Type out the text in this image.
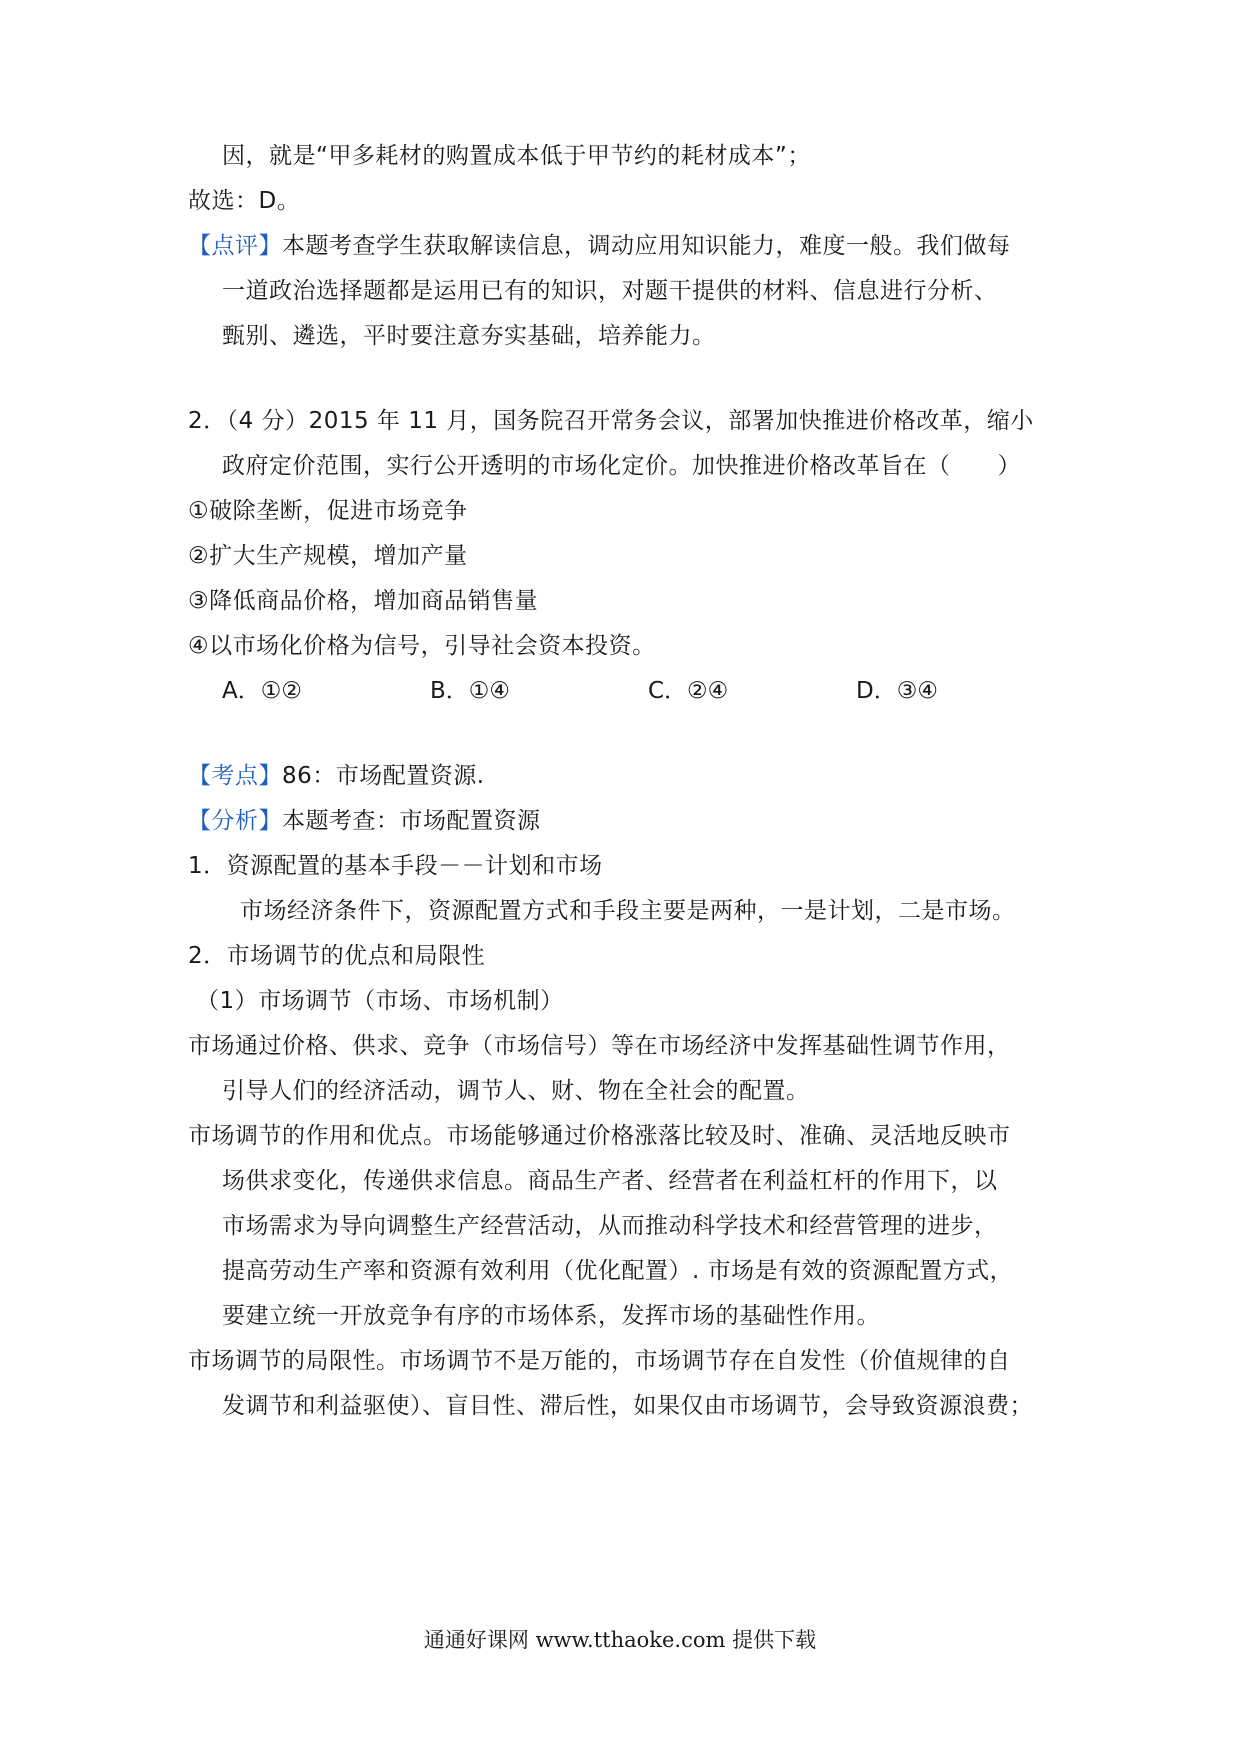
因，就是“甲多耗材的购置成本低于甲节约的耗材成本”；
故选：D。
【点评】本题考查学生获取解读信息，调动应用知识能力，难度一般。我们做每
一道政治选择题都是运用已有的知识，对题干提供的材料、信息进行分析、
甄别、遴选，平时要注意夯实基础，培养能力。
2．（4 分）2015 年 11 月，国务院召开常务会议，部署加快推进价格改革，缩小
政府定价范围，实行公开透明的市场化定价。加快推进价格改革旨在（　　）
①破除垄断，促进市场竞争
②扩大生产规模，增加产量
③降低商品价格，增加商品销售量
④以市场化价格为信号，引导社会资本投资。
A．①②	B．①④	C．②④	D．③④
【考点】86：市场配置资源.
【分析】本题考查：市场配置资源
1．资源配置的基本手段－－计划和市场
市场经济条件下，资源配置方式和手段主要是两种，一是计划，二是市场。
2．市场调节的优点和局限性
（1）市场调节（市场、市场机制）
市场通过价格、供求、竞争（市场信号）等在市场经济中发挥基础性调节作用，
引导人们的经济活动，调节人、财、物在全社会的配置。
市场调节的作用和优点。市场能够通过价格涨落比较及时、准确、灵活地反映市
场供求变化，传递供求信息。商品生产者、经营者在利益杠杆的作用下，以
市场需求为导向调整生产经营活动，从而推动科学技术和经营管理的进步，
提高劳动生产率和资源有效利用（优化配置）. 市场是有效的资源配置方式，
要建立统一开放竞争有序的市场体系，发挥市场的基础性作用。
市场调节的局限性。市场调节不是万能的，市场调节存在自发性（价值规律的自
发调节和利益驱使）、盲目性、滞后性，如果仅由市场调节，会导致资源浪费；
通通好课网 www.tthaoke.com 提供下载
